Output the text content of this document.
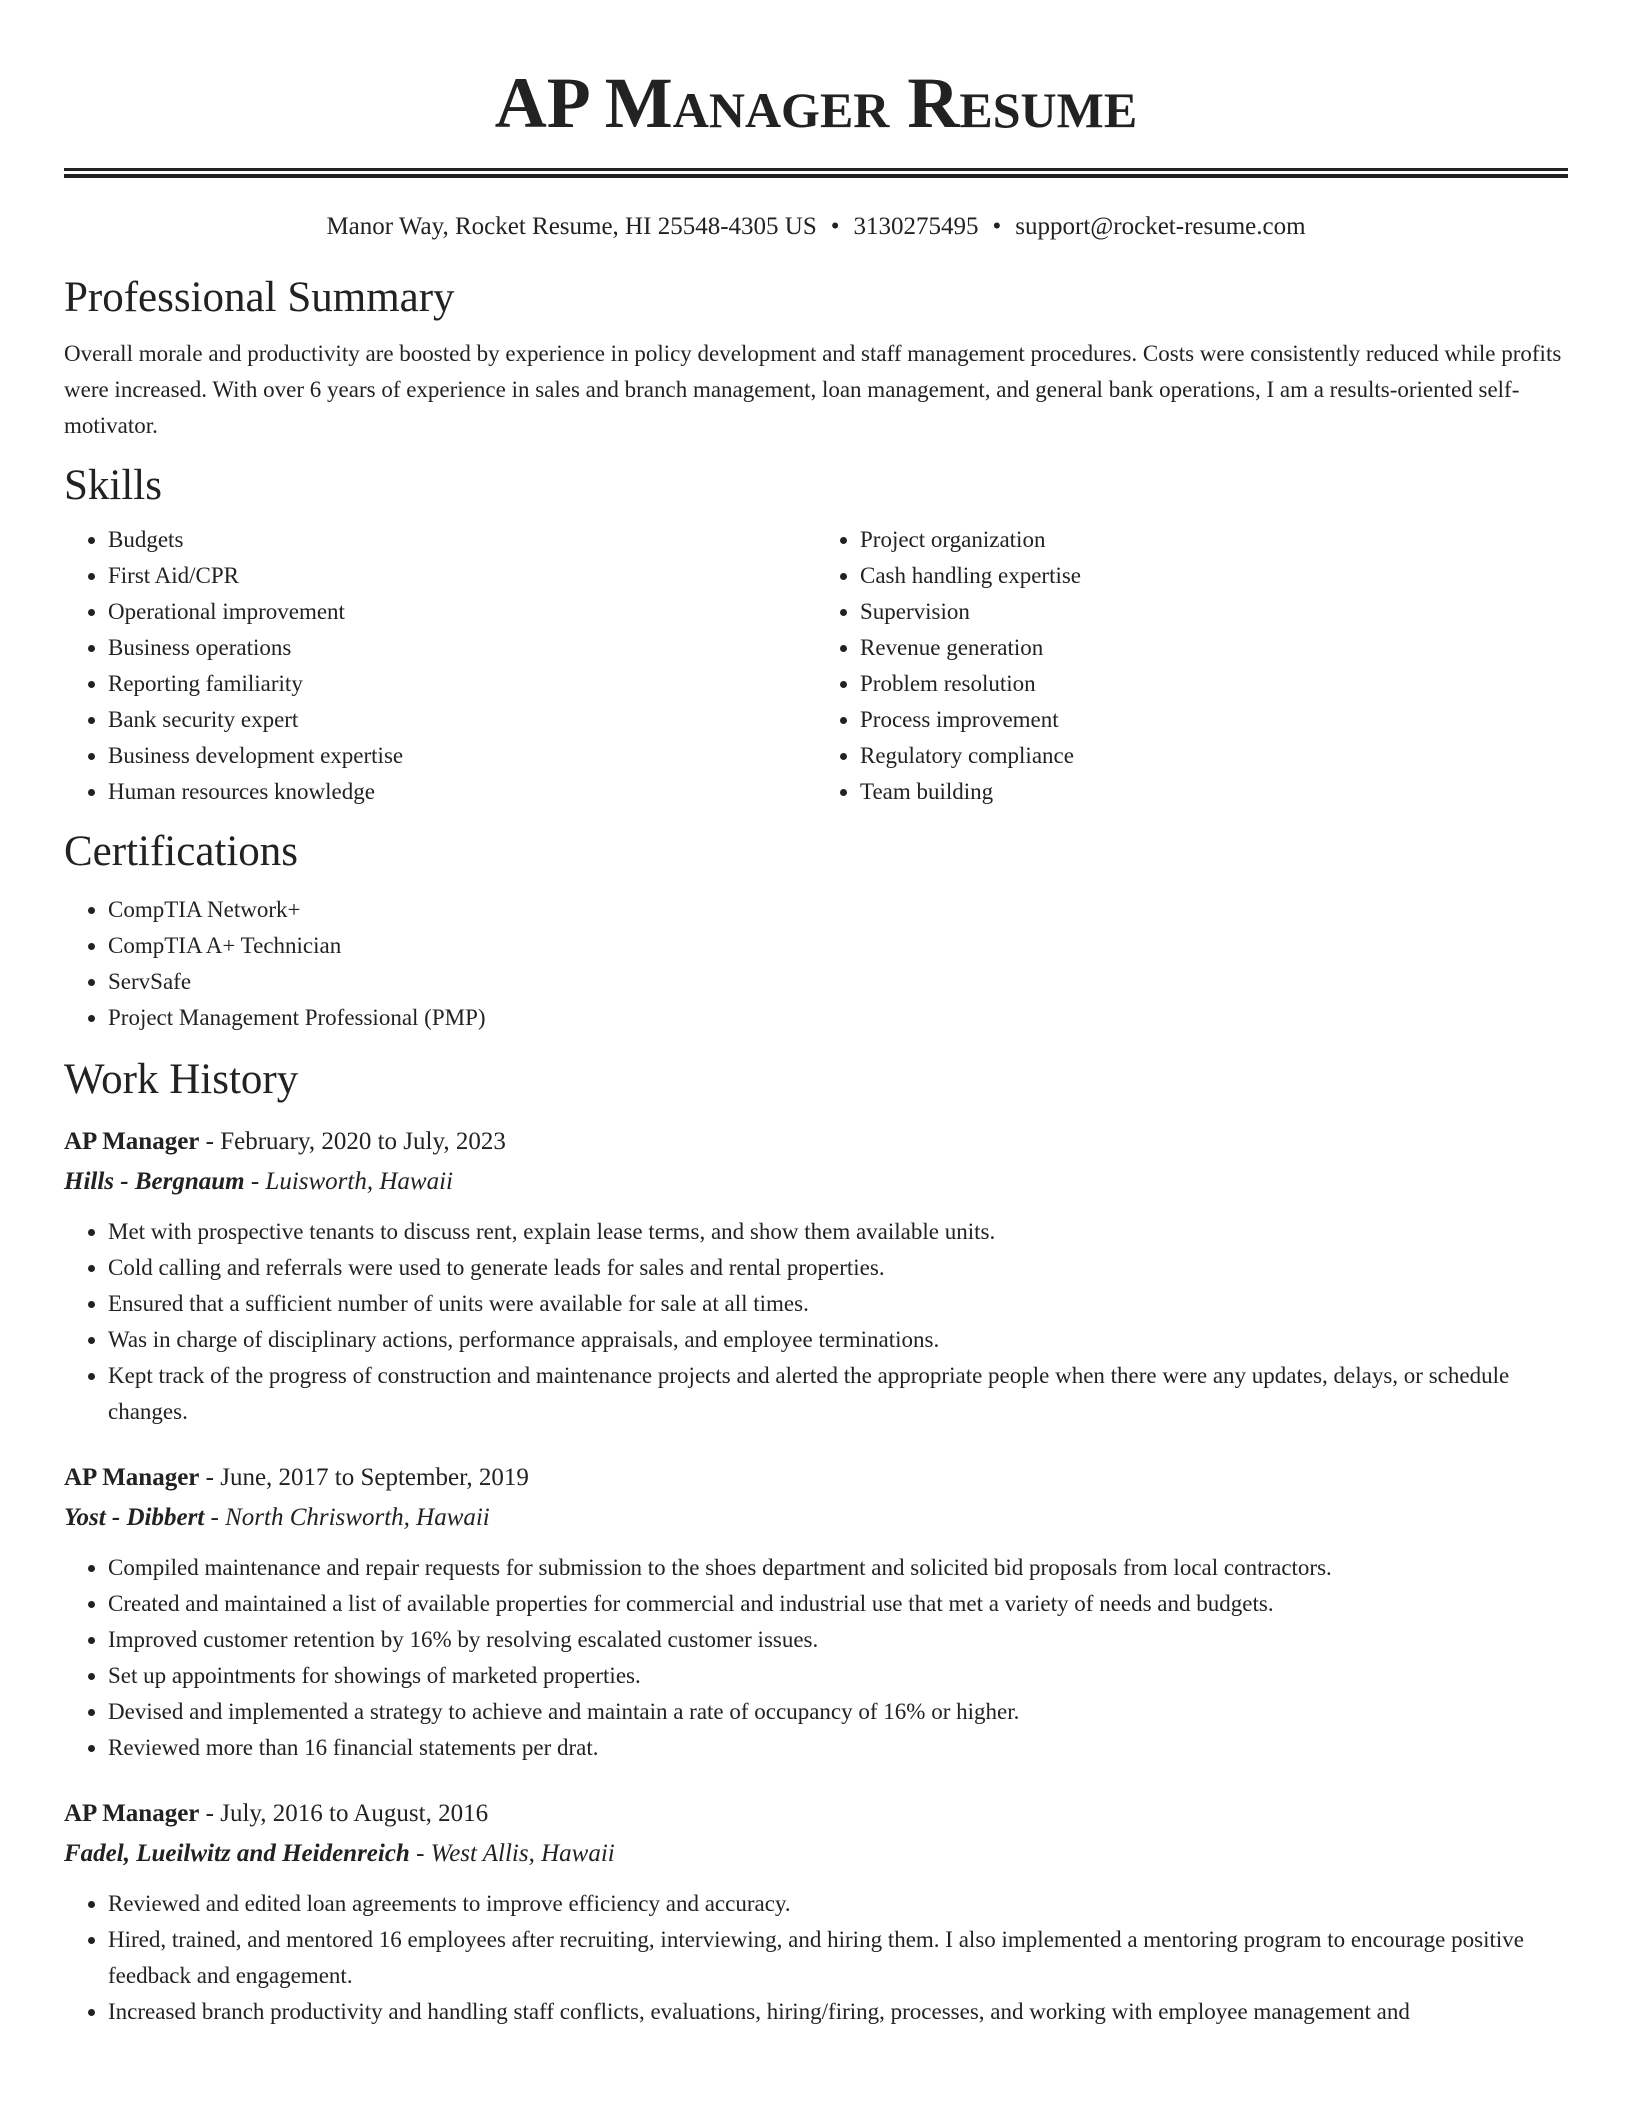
AP Manager Resume
Manor Way, Rocket Resume, HI 25548-4305 US • 3130275495 • support@rocket-resume.com
Professional Summary

Overall morale and productivity are boosted by experience in policy development and staff management procedures. Costs were consistently reduced while profits were increased. With over 6 years of experience in sales and branch management, loan management, and general bank operations, I am a results-oriented self-motivator.

Skills
• Budgets
• First Aid/CPR
• Operational improvement
• Business operations
• Reporting familiarity
• Bank security expert
• Business development expertise
• Human resources knowledge
• Project organization
• Cash handling expertise
• Supervision
• Revenue generation
• Problem resolution
• Process improvement
• Regulatory compliance
• Team building
Certifications
• CompTIA Network+
• CompTIA A+ Technician
• ServSafe
• Project Management Professional (PMP)
Work History
AP Manager - February, 2020 to July, 2023
Hills - Bergnaum - Luisworth, Hawaii
• Met with prospective tenants to discuss rent, explain lease terms, and show them available units.
• Cold calling and referrals were used to generate leads for sales and rental properties.
• Ensured that a sufficient number of units were available for sale at all times.
• Was in charge of disciplinary actions, performance appraisals, and employee terminations.
• Kept track of the progress of construction and maintenance projects and alerted the appropriate people when there were any updates, delays, or schedule changes.
AP Manager - June, 2017 to September, 2019
Yost - Dibbert - North Chrisworth, Hawaii
• Compiled maintenance and repair requests for submission to the shoes department and solicited bid proposals from local contractors.
• Created and maintained a list of available properties for commercial and industrial use that met a variety of needs and budgets.
• Improved customer retention by 16% by resolving escalated customer issues.
• Set up appointments for showings of marketed properties.
• Devised and implemented a strategy to achieve and maintain a rate of occupancy of 16% or higher.
• Reviewed more than 16 financial statements per drat.
AP Manager - July, 2016 to August, 2016
Fadel, Lueilwitz and Heidenreich - West Allis, Hawaii
• Reviewed and edited loan agreements to improve efficiency and accuracy.
• Hired, trained, and mentored 16 employees after recruiting, interviewing, and hiring them. I also implemented a mentoring program to encourage positive feedback and engagement.
• Increased branch productivity and handling staff conflicts, evaluations, hiring/firing, processes, and working with employee management and
